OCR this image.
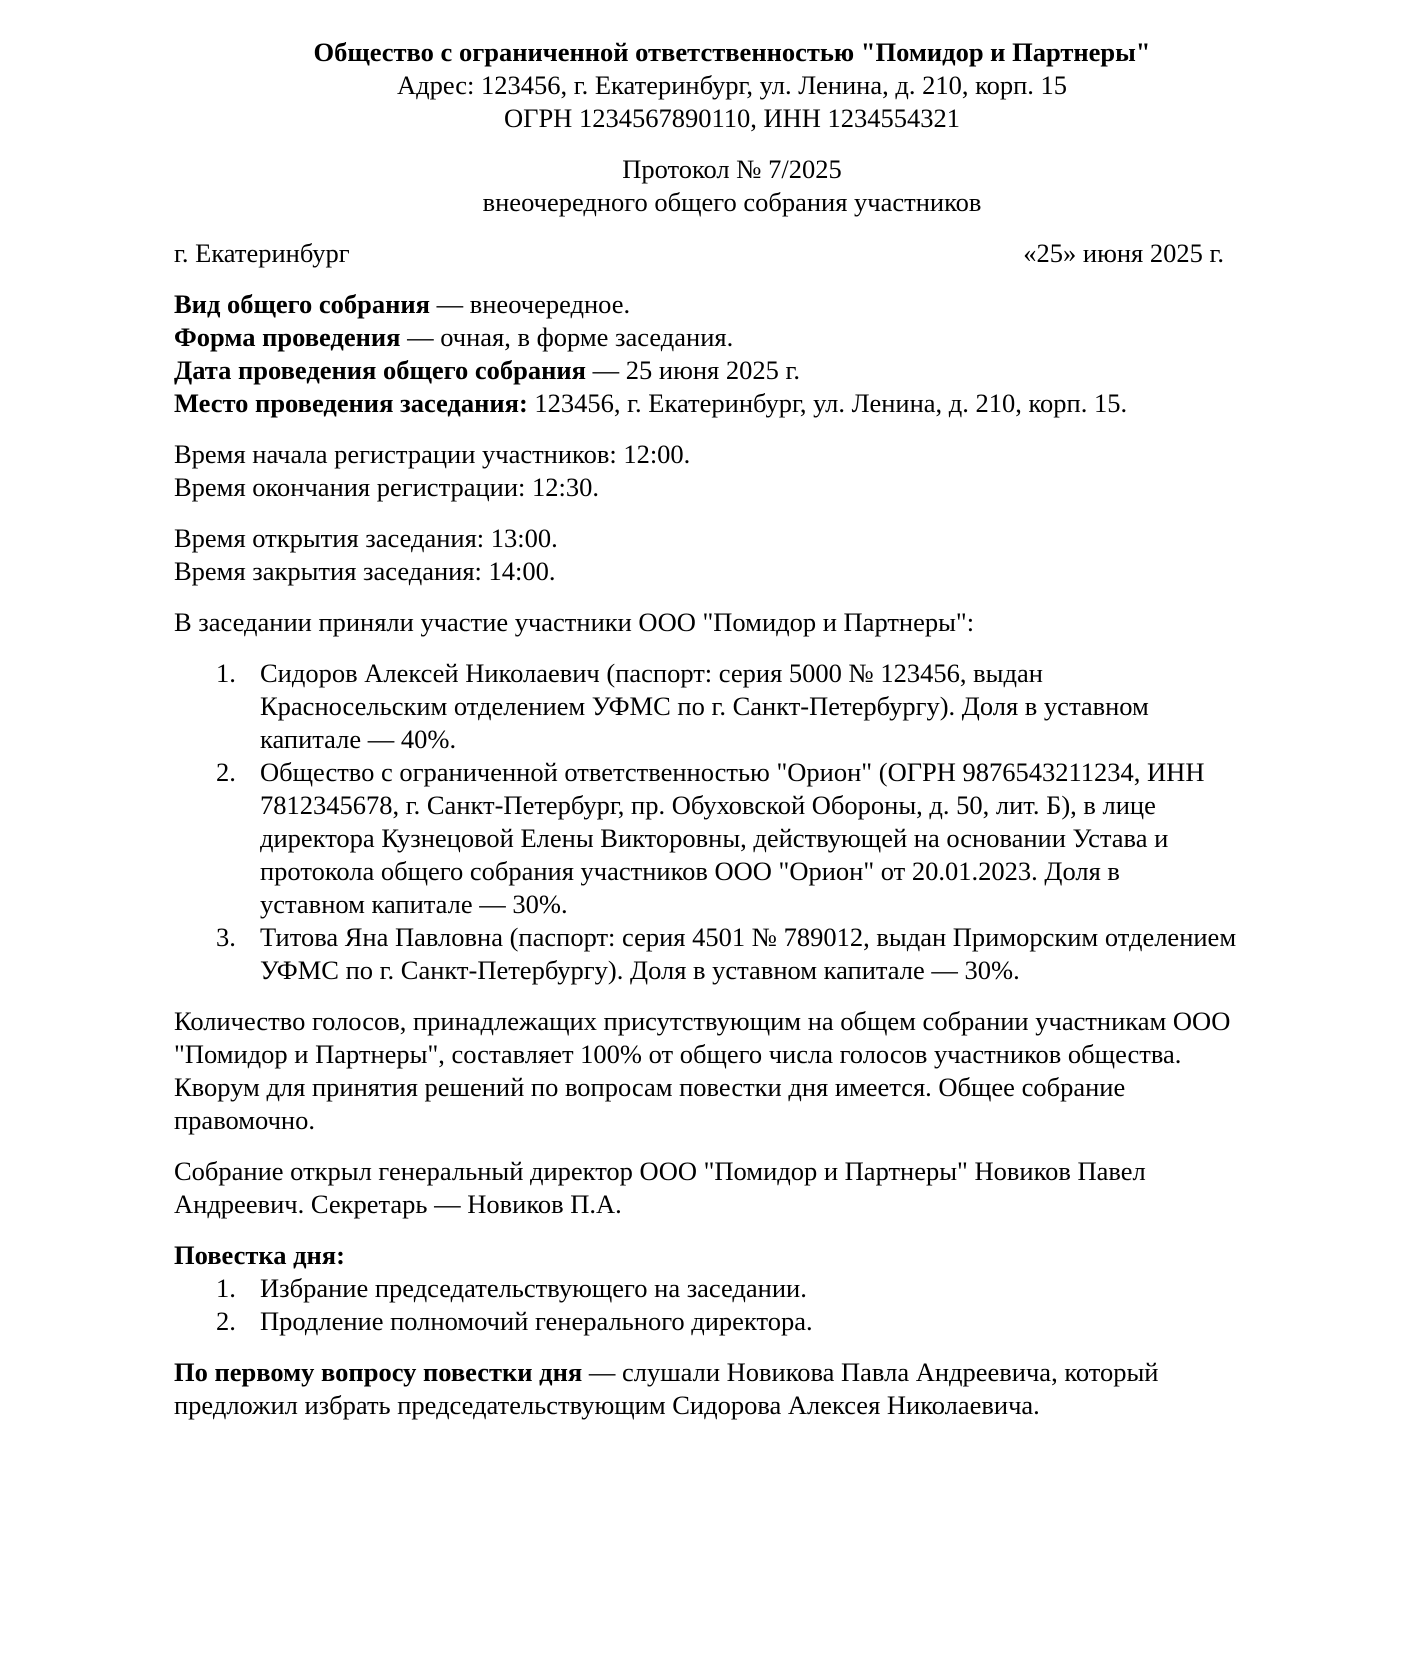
Общество с ограниченной ответственностью "Помидор и Партнеры"
Адрес: 123456, г. Екатеринбург, ул. Ленина, д. 210, корп. 15
ОГРН 1234567890110, ИНН 1234554321
Протокол № 7/2025
внеочередного общего собрания участников
г. Екатеринбург	«25» июня 2025 г.
Вид общего собрания — внеочередное.
Форма проведения — очная, в форме заседания.
Дата проведения общего собрания — 25 июня 2025 г.
Место проведения заседания: 123456, г. Екатеринбург, ул. Ленина, д. 210, корп. 15.
Время начала регистрации участников: 12:00.
Время окончания регистрации: 12:30.
Время открытия заседания: 13:00.
Время закрытия заседания: 14:00.
В заседании приняли участие участники ООО "Помидор и Партнеры":
1. Сидоров Алексей Николаевич (паспорт: серия 5000 № 123456, выдан Красносельским отделением УФМС по г. Санкт-Петербургу). Доля в уставном капитале — 40%.
2. Общество с ограниченной ответственностью "Орион" (ОГРН 9876543211234, ИНН 7812345678, г. Санкт-Петербург, пр. Обуховской Обороны, д. 50, лит. Б), в лице директора Кузнецовой Елены Викторовны, действующей на основании Устава и протокола общего собрания участников ООО "Орион" от 20.01.2023. Доля в уставном капитале — 30%.
3. Титова Яна Павловна (паспорт: серия 4501 № 789012, выдан Приморским отделением УФМС по г. Санкт-Петербургу). Доля в уставном капитале — 30%.

Количество голосов, принадлежащих присутствующим на общем собрании участникам ООО "Помидор и Партнеры", составляет 100% от общего числа голосов участников общества. Кворум для принятия решений по вопросам повестки дня имеется. Общее собрание правомочно.

Собрание открыл генеральный директор ООО "Помидор и Партнеры" Новиков Павел Андреевич. Секретарь — Новиков П.А.

Повестка дня:
1. Избрание председательствующего на заседании.
2. Продление полномочий генерального директора.

По первому вопросу повестки дня — слушали Новикова Павла Андреевича, который предложил избрать председательствующим Сидорова Алексея Николаевича.
